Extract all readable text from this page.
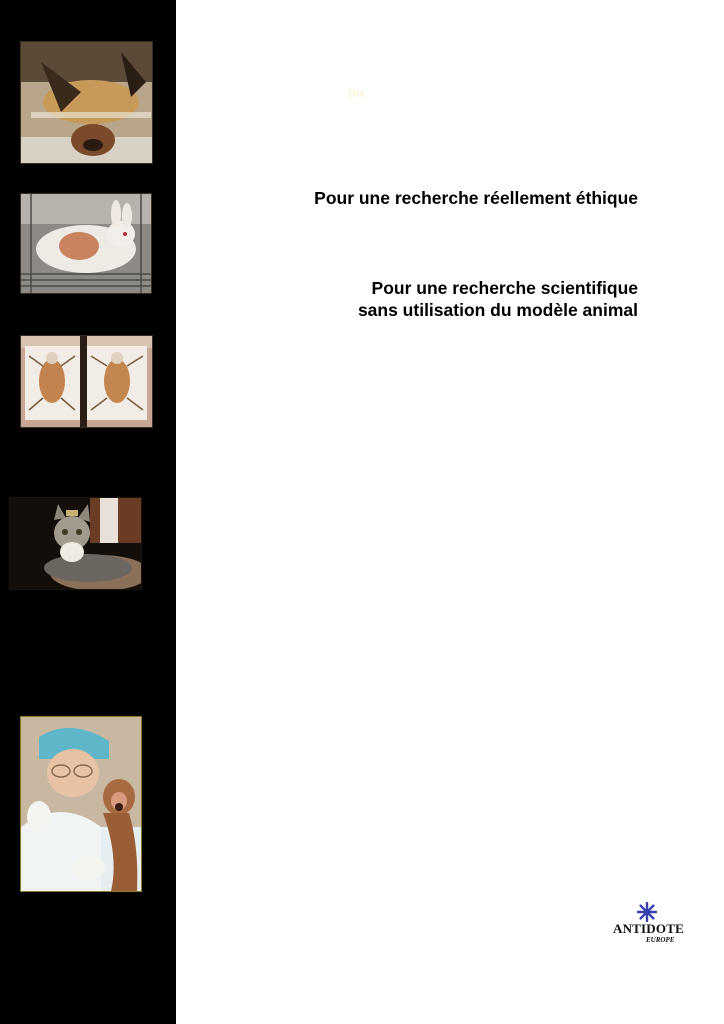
Dix
Pour une recherche réellement éthique
Pour une recherche scientifique
sans utilisation du modèle animal
ANTIDOTE
EUROPE
